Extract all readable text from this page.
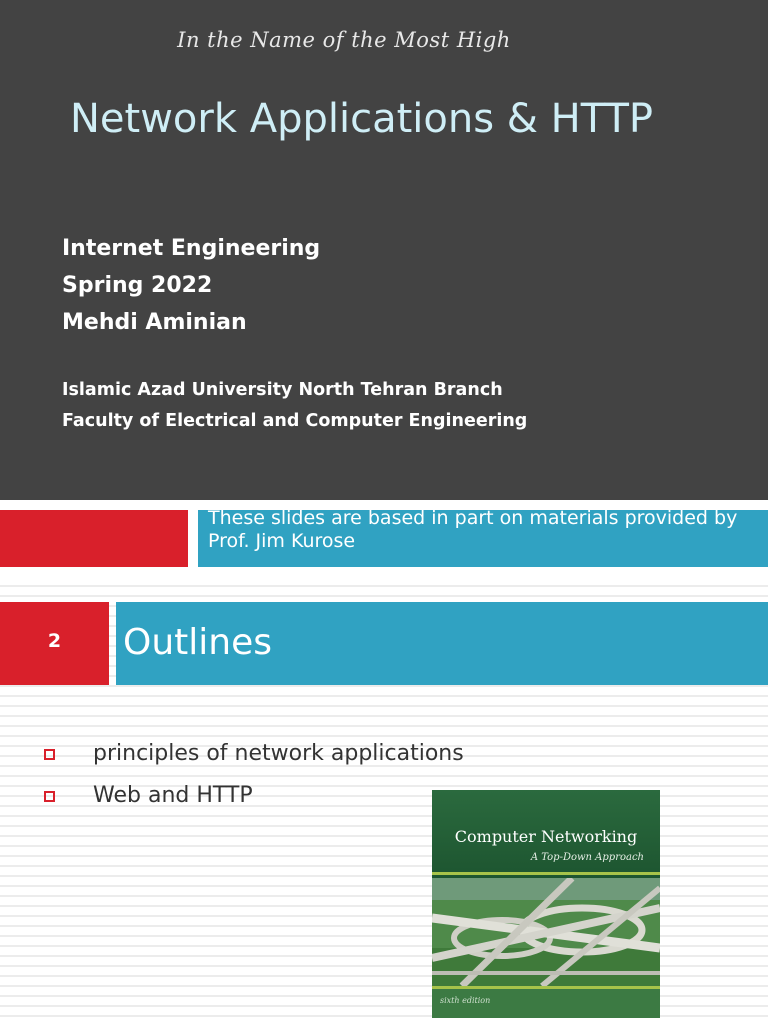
In the Name of the Most High
Network Applications & HTTP
Internet Engineering
Spring 2022
Mehdi Aminian
Islamic Azad University North Tehran Branch
Faculty of Electrical and Computer Engineering
These slides are based in part on materials provided by Prof. Jim Kurose
2	Outlines
principles of network applications
Web and HTTP
Computer Networking
A Top-Down Approach
sixth edition
